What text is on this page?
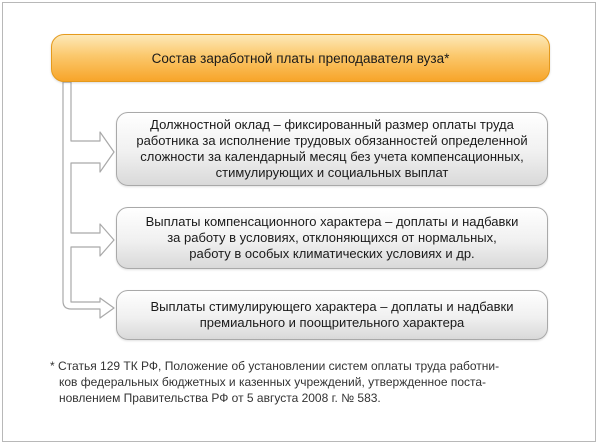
Состав заработной платы преподавателя вуза*
Должностной оклад – фиксированный размер оплаты труда
работника за исполнение трудовых обязанностей определенной
сложности за календарный месяц без учета компенсационных,
стимулирующих и социальных выплат
Выплаты компенсационного характера – доплаты и надбавки
за работу в условиях, отклоняющихся от нормальных,
работу в особых климатических условиях и др.
Выплаты стимулирующего характера – доплаты и надбавки
премиального и поощрительного характера
* Статья 129 ТК РФ, Положение об установлении систем оплаты труда работни-
ков федеральных бюджетных и казенных учреждений, утвержденное поста-
новлением Правительства РФ от 5 августа 2008 г. № 583.
